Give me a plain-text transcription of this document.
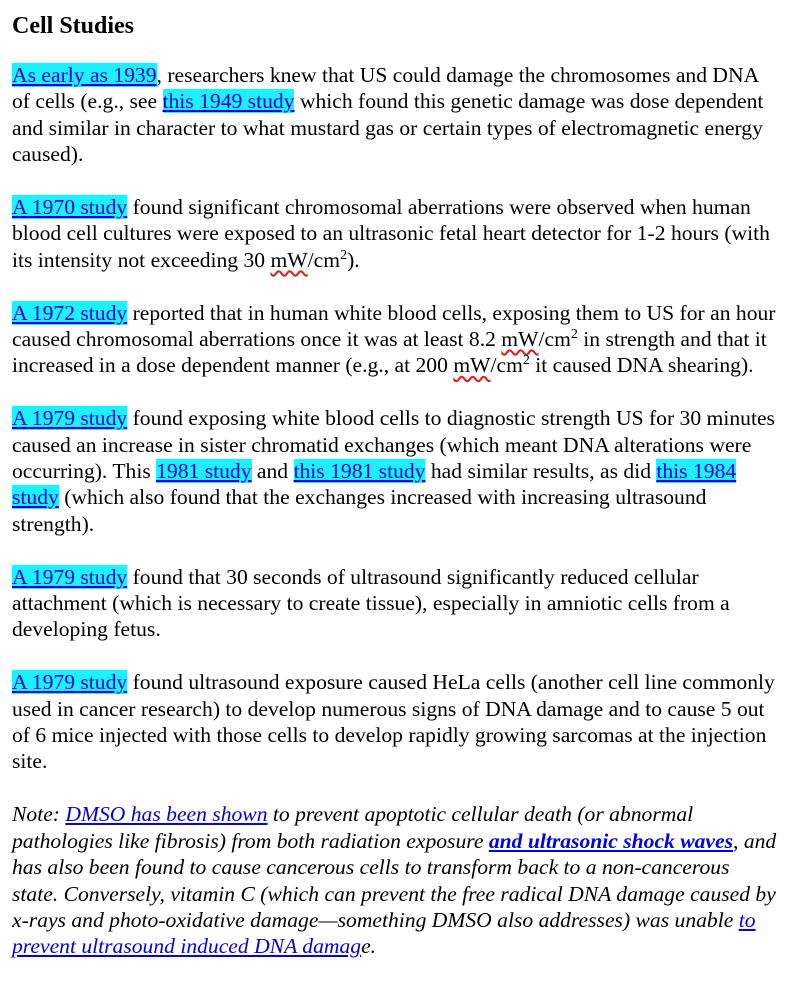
Cell Studies

As early as 1939, researchers knew that US could damage the chromosomes and DNA of cells (e.g., see this 1949 study which found this genetic damage was dose dependent and similar in character to what mustard gas or certain types of electromagnetic energy caused).

A 1970 study found significant chromosomal aberrations were observed when human blood cell cultures were exposed to an ultrasonic fetal heart detector for 1-2 hours (with its intensity not exceeding 30 $mW/cm^2$).

A 1972 study reported that in human white blood cells, exposing them to US for an hour caused chromosomal aberrations once it was at least 8.2 $mW/cm^2$ in strength and that it increased in a dose dependent manner (e.g., at 200 $mW/cm^2$ it caused DNA shearing).

A 1979 study found exposing white blood cells to diagnostic strength US for 30 minutes caused an increase in sister chromatid exchanges (which meant DNA alterations were occurring). This 1981 study and this 1981 study had similar results, as did this 1984 study (which also found that the exchanges increased with increasing ultrasound strength).

A 1979 study found that 30 seconds of ultrasound significantly reduced cellular attachment (which is necessary to create tissue), especially in amniotic cells from a developing fetus.

A 1979 study found ultrasound exposure caused HeLa cells (another cell line commonly used in cancer research) to develop numerous signs of DNA damage and to cause 5 out of 6 mice injected with those cells to develop rapidly growing sarcomas at the injection site.

Note: DMSO has been shown to prevent apoptotic cellular death (or abnormal pathologies like fibrosis) from both radiation exposure and ultrasonic shock waves, and has also been found to cause cancerous cells to transform back to a non-cancerous state. Conversely, vitamin C (which can prevent the free radical DNA damage caused by x-rays and photo-oxidative damage—something DMSO also addresses) was unable to prevent ultrasound induced DNA damage.
